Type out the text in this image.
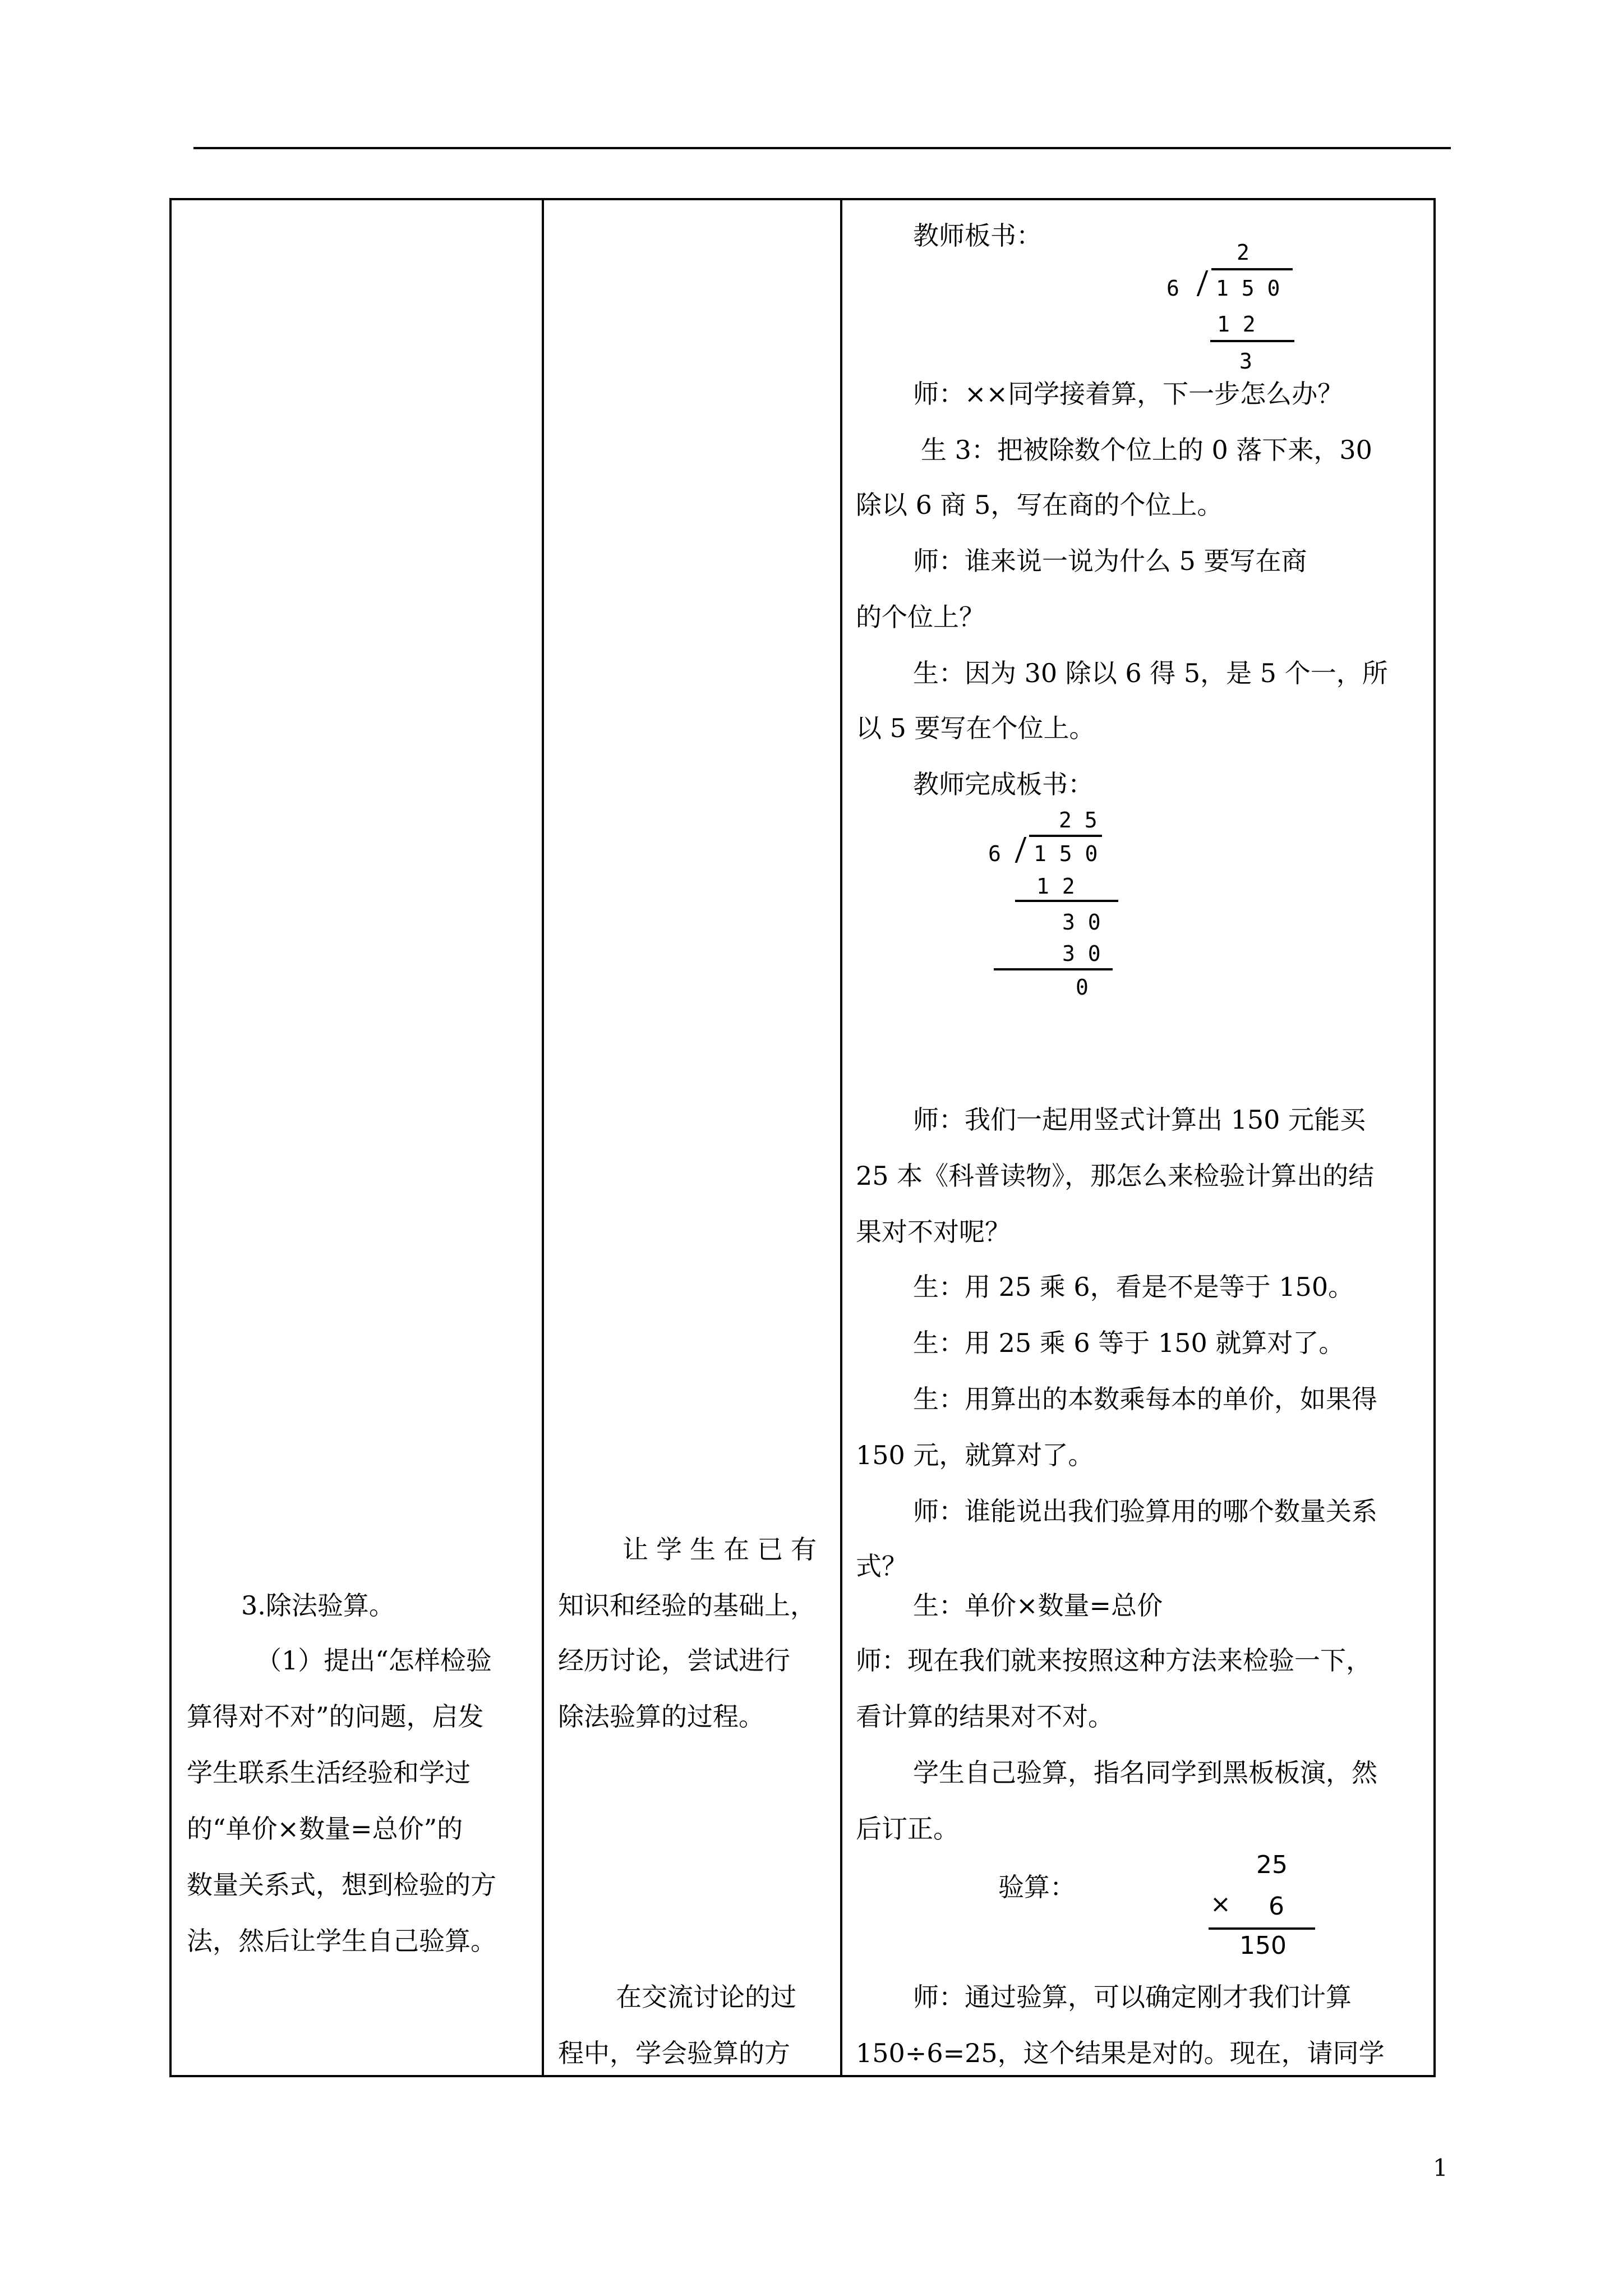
3.除法验算。
（1）提出“怎样检验
算得对不对”的问题，启发
学生联系生活经验和学过
的“单价×数量=总价”的
数量关系式，想到检验的方
法，然后让学生自己验算。
让学生在已有
知识和经验的基础上，
经历讨论，尝试进行
除法验算的过程。
在交流讨论的过
程中，学会验算的方
教师板书：
2
6 1 5 0
1 2
3
师：××同学接着算，下一步怎么办？
生 3：把被除数个位上的 0 落下来，30
除以 6 商 5，写在商的个位上。
师：谁来说一说为什么 5 要写在商
的个位上？
生：因为 30 除以 6 得 5，是 5 个一，所
以 5 要写在个位上。
教师完成板书：
2 5
6 1 5 0
1 2
3 0
3 0
0
师：我们一起用竖式计算出 150 元能买
25 本《科普读物》，那怎么来检验计算出的结
果对不对呢？
生：用 25 乘 6，看是不是等于 150。
生：用 25 乘 6 等于 150 就算对了。
生：用算出的本数乘每本的单价，如果得
150 元，就算对了。
师：谁能说出我们验算用的哪个数量关系
式？
生：单价×数量=总价
师：现在我们就来按照这种方法来检验一下，
看计算的结果对不对。
学生自己验算，指名同学到黑板板演，然
后订正。
验算：
25
× 6
150
师：通过验算，可以确定刚才我们计算
150÷6=25，这个结果是对的。现在，请同学
1
